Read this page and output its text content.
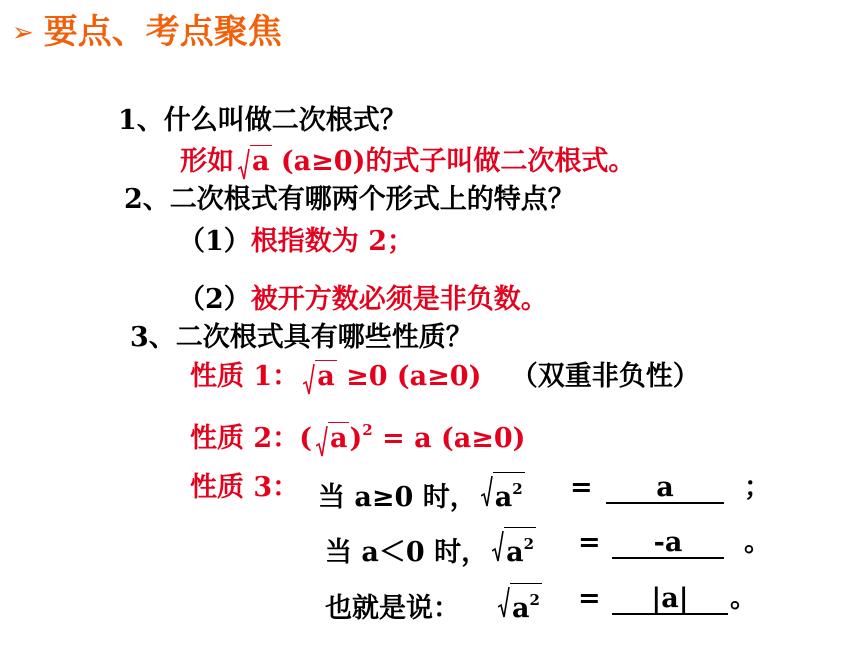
➢ 要点、考点聚焦
1、什么叫做二次根式？
形如 a (a≥0)的式子叫做二次根式。
2、二次根式有哪两个形式上的特点？
（1）根指数为 2；
（2）被开方数必须是非负数。
3、二次根式具有哪些性质？
性质 1： a ≥0 (a≥0) （双重非负性）
性质 2：( a)$^2$ = a (a≥0)
性质 3： 当 a≥0 时， $a^2$ =	a	；
当 a＜0 时， $a^2$ =	-a	。
也就是说： $a^2$ =	|a|	。
